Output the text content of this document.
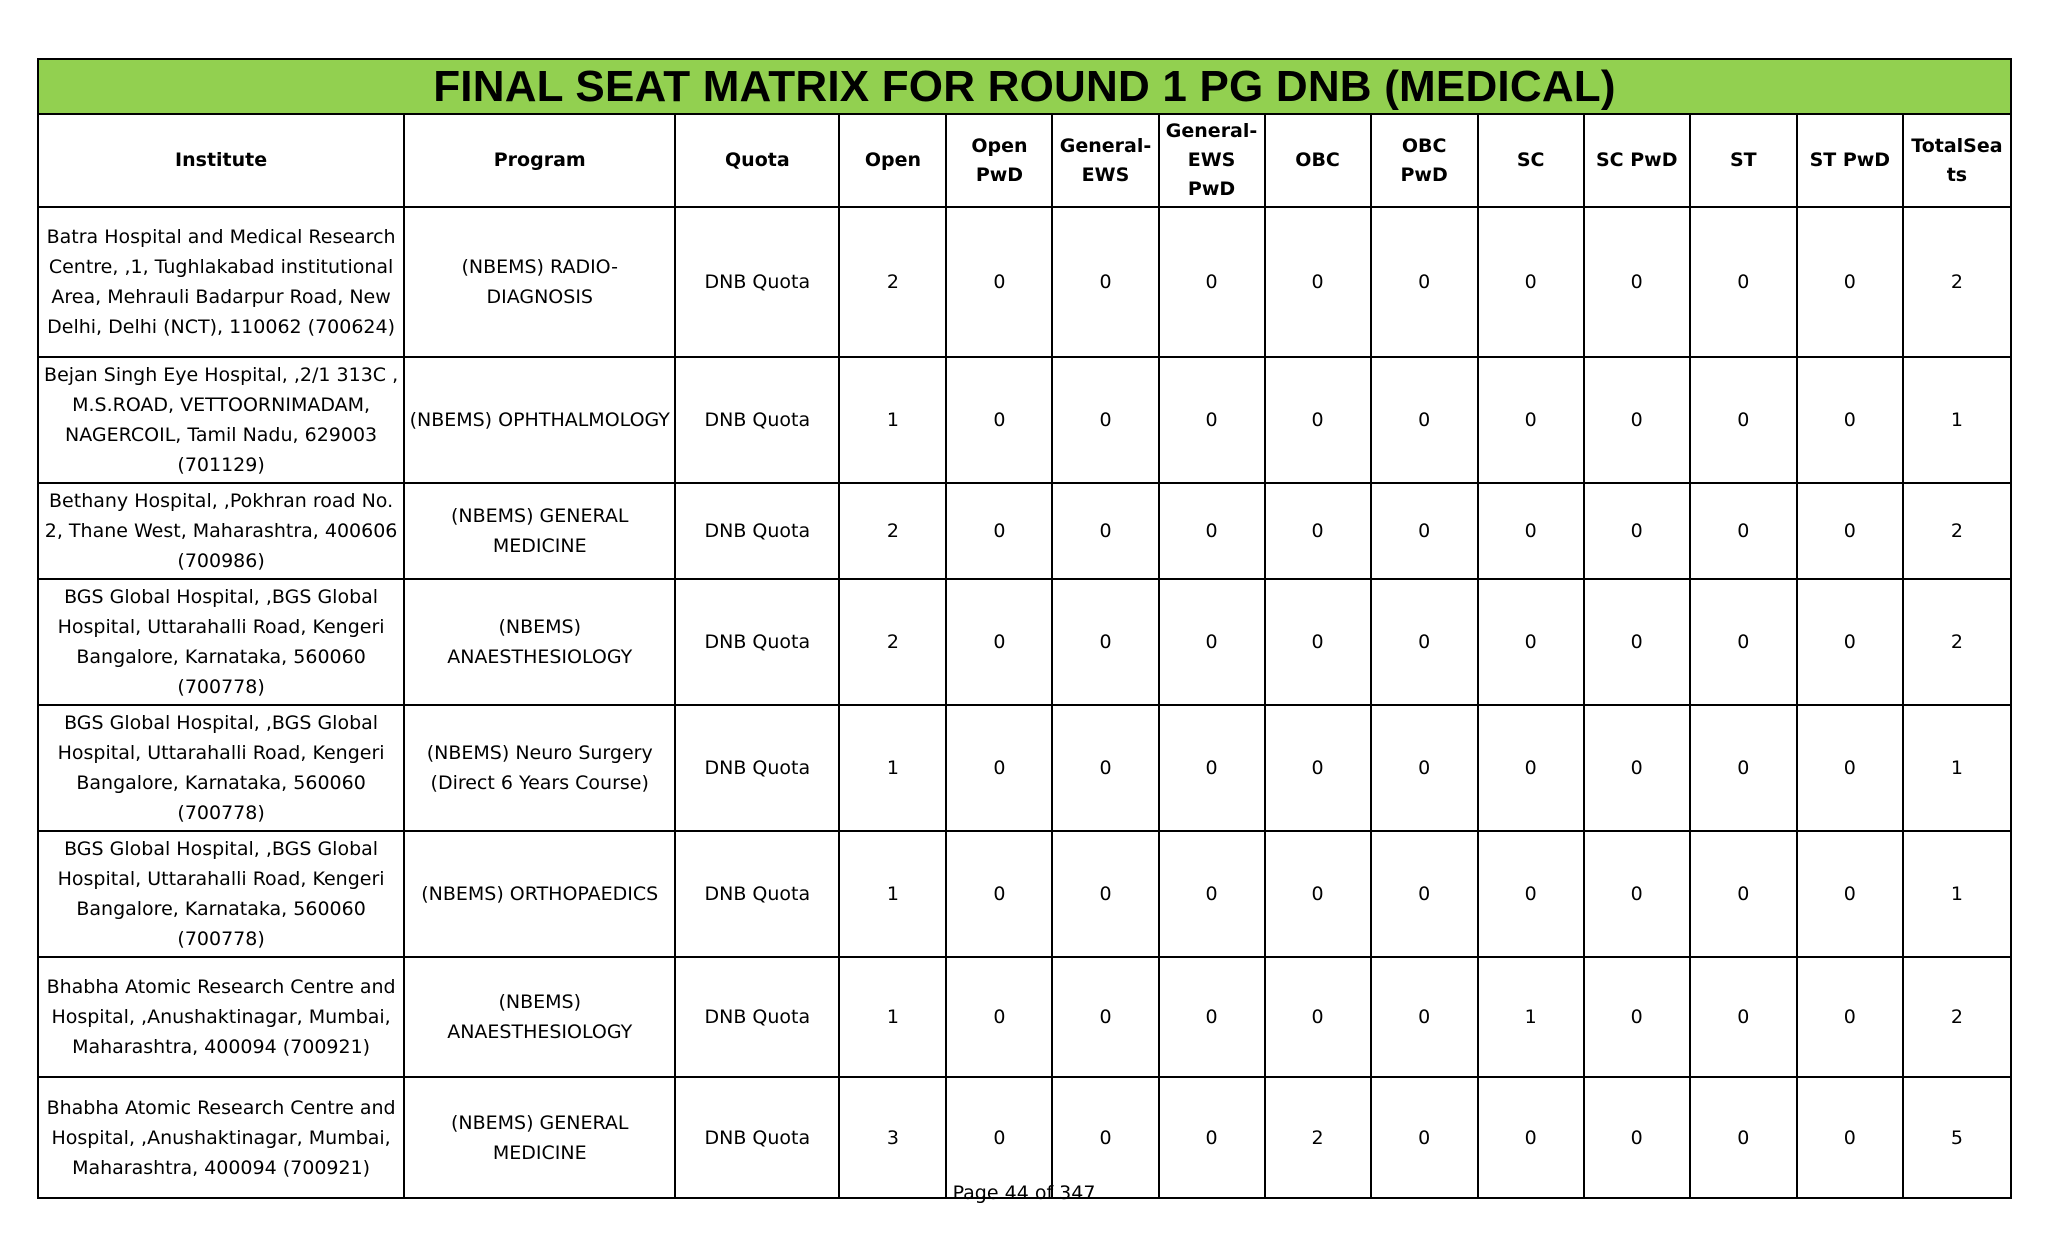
FINAL SEAT MATRIX FOR ROUND 1 PG DNB (MEDICAL)
Institute	Program	Quota	Open	Open PwD	General-EWS	General-EWS PwD	OBC	OBC PwD	SC	SC PwD	ST	ST PwD	TotalSeats
Batra Hospital and Medical Research Centre, ,1, Tughlakabad institutional Area, Mehrauli Badarpur Road, New Delhi, Delhi (NCT), 110062 (700624)	(NBEMS) RADIO-DIAGNOSIS	DNB Quota	2	0	0	0	0	0	0	0	0	0	2
Bejan Singh Eye Hospital, ,2/1 313C , M.S.ROAD, VETTOORNIMADAM, NAGERCOIL, Tamil Nadu, 629003 (701129)	(NBEMS) OPHTHALMOLOGY	DNB Quota	1	0	0	0	0	0	0	0	0	0	1
Bethany Hospital, ,Pokhran road No. 2, Thane West, Maharashtra, 400606 (700986)	(NBEMS) GENERAL MEDICINE	DNB Quota	2	0	0	0	0	0	0	0	0	0	2
BGS Global Hospital, ,BGS Global Hospital, Uttarahalli Road, Kengeri Bangalore, Karnataka, 560060 (700778)	(NBEMS) ANAESTHESIOLOGY	DNB Quota	2	0	0	0	0	0	0	0	0	0	2
BGS Global Hospital, ,BGS Global Hospital, Uttarahalli Road, Kengeri Bangalore, Karnataka, 560060 (700778)	(NBEMS) Neuro Surgery (Direct 6 Years Course)	DNB Quota	1	0	0	0	0	0	0	0	0	0	1
BGS Global Hospital, ,BGS Global Hospital, Uttarahalli Road, Kengeri Bangalore, Karnataka, 560060 (700778)	(NBEMS) ORTHOPAEDICS	DNB Quota	1	0	0	0	0	0	0	0	0	0	1
Bhabha Atomic Research Centre and Hospital, ,Anushaktinagar, Mumbai, Maharashtra, 400094 (700921)	(NBEMS) ANAESTHESIOLOGY	DNB Quota	1	0	0	0	0	0	1	0	0	0	2
Bhabha Atomic Research Centre and Hospital, ,Anushaktinagar, Mumbai, Maharashtra, 400094 (700921)	(NBEMS) GENERAL MEDICINE	DNB Quota	3	0	0	0	2	0	0	0	0	0	5
Page 44 of 347
